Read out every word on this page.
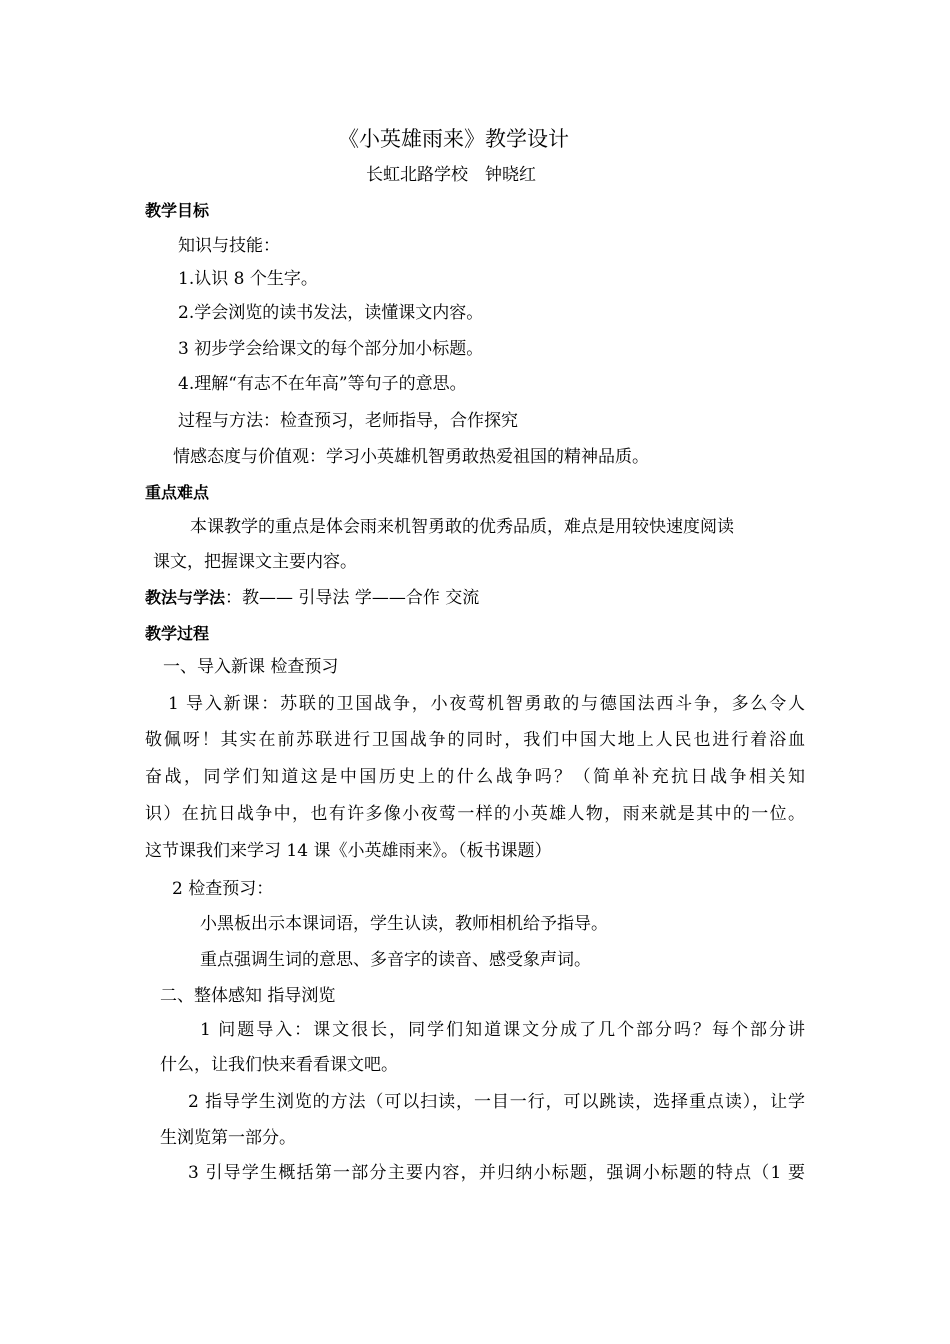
《小英雄雨来》教学设计
长虹北路学校　钟晓红
教学目标
知识与技能：
1.认识 8 个生字。
2.学会浏览的读书发法，读懂课文内容。
3 初步学会给课文的每个部分加小标题。
4.理解“有志不在年高”等句子的意思。
过程与方法：检查预习，老师指导，合作探究
情感态度与价值观：学习小英雄机智勇敢热爱祖国的精神品质。
重点难点
本课教学的重点是体会雨来机智勇敢的优秀品质，难点是用较快速度阅读
课文，把握课文主要内容。
教法与学法：教—— 引导法 学——合作 交流
教学过程
一、导入新课 检查预习
1 导入新课：苏联的卫国战争，小夜莺机智勇敢的与德国法西斗争，多么令人
敬佩呀！其实在前苏联进行卫国战争的同时，我们中国大地上人民也进行着浴血
奋战，同学们知道这是中国历史上的什么战争吗？（简单补充抗日战争相关知
识）在抗日战争中，也有许多像小夜莺一样的小英雄人物，雨来就是其中的一位。
这节课我们来学习 14 课《小英雄雨来》。（板书课题）
2 检查预习：
小黑板出示本课词语，学生认读，教师相机给予指导。
重点强调生词的意思、多音字的读音、感受象声词。
二、整体感知 指导浏览
1 问题导入：课文很长，同学们知道课文分成了几个部分吗？每个部分讲
什么，让我们快来看看课文吧。
2 指导学生浏览的方法（可以扫读，一目一行，可以跳读，选择重点读），让学
生浏览第一部分。
3 引导学生概括第一部分主要内容，并归纳小标题，强调小标题的特点（1 要
